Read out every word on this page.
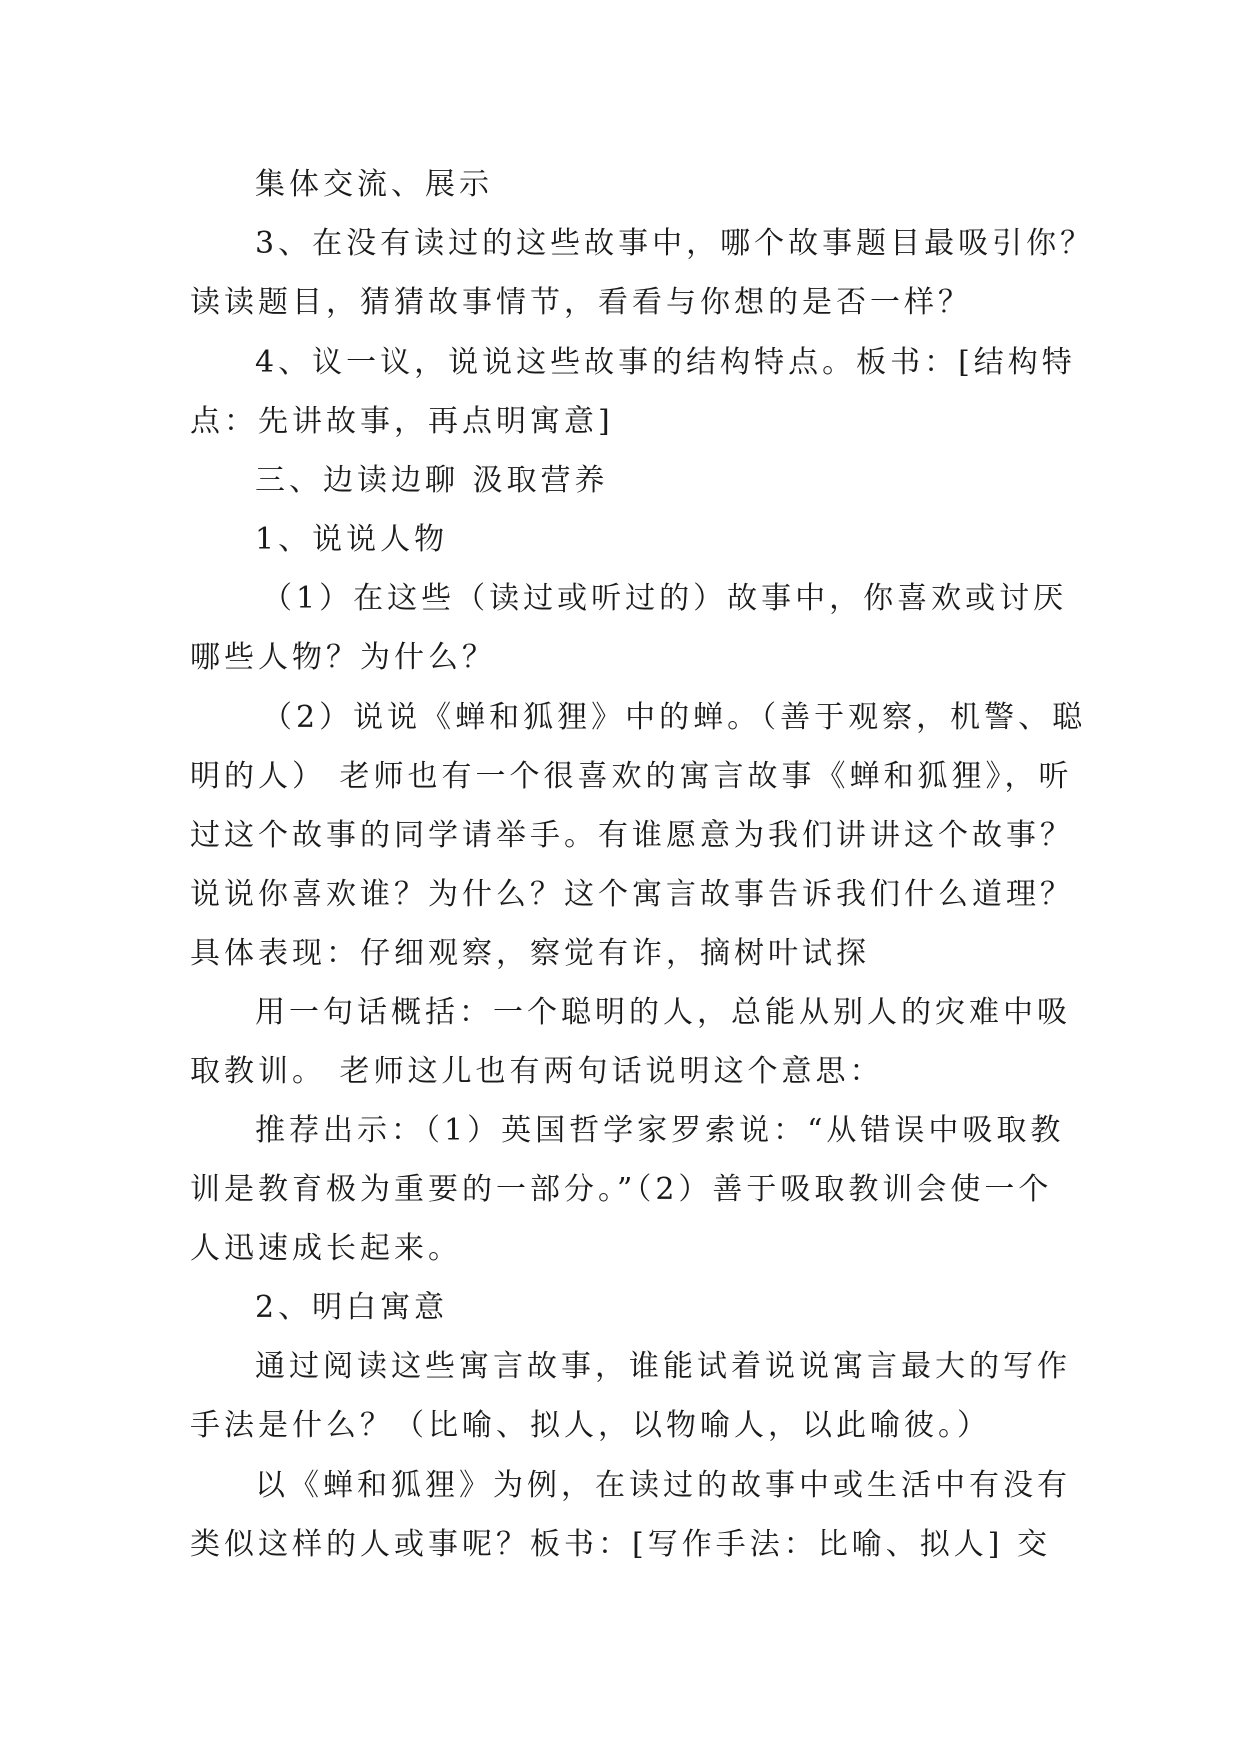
集体交流、展示
3、在没有读过的这些故事中，哪个故事题目最吸引你？
读读题目，猜猜故事情节，看看与你想的是否一样？
4、议一议，说说这些故事的结构特点。板书：[结构特
点：先讲故事，再点明寓意]
三、边读边聊 汲取营养
1、说说人物
（1）在这些（读过或听过的）故事中，你喜欢或讨厌
哪些人物？为什么？
（2）说说《蝉和狐狸》中的蝉。（善于观察，机警、聪
明的人） 老师也有一个很喜欢的寓言故事《蝉和狐狸》，听
过这个故事的同学请举手。有谁愿意为我们讲讲这个故事？
说说你喜欢谁？为什么？这个寓言故事告诉我们什么道理？
具体表现：仔细观察，察觉有诈，摘树叶试探
用一句话概括：一个聪明的人，总能从别人的灾难中吸
取教训。 老师这儿也有两句话说明这个意思：
推荐出示：（1）英国哲学家罗索说：“从错误中吸取教
训是教育极为重要的一部分。”（2）善于吸取教训会使一个
人迅速成长起来。
2、明白寓意
通过阅读这些寓言故事，谁能试着说说寓言最大的写作
手法是什么？（比喻、拟人，以物喻人，以此喻彼。）
以《蝉和狐狸》为例，在读过的故事中或生活中有没有
类似这样的人或事呢？板书：[写作手法：比喻、拟人] 交
